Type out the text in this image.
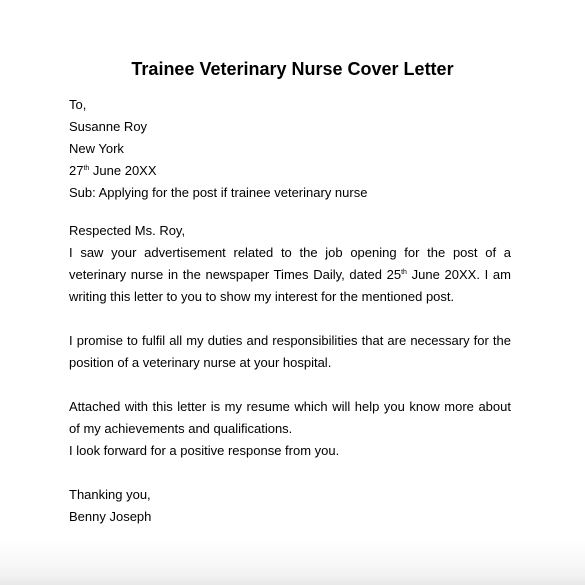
Trainee Veterinary Nurse Cover Letter
To,
Susanne Roy
New York
27th June 20XX
Sub: Applying for the post if trainee veterinary nurse
Respected Ms. Roy,
I saw your advertisement related to the job opening for the post of a veterinary nurse in the newspaper Times Daily, dated 25th June 20XX. I am writing this letter to you to show my interest for the mentioned post.
I promise to fulfil all my duties and responsibilities that are necessary for the position of a veterinary nurse at your hospital.
Attached with this letter is my resume which will help you know more about of my achievements and qualifications.
I look forward for a positive response from you.
Thanking you,
Benny Joseph
